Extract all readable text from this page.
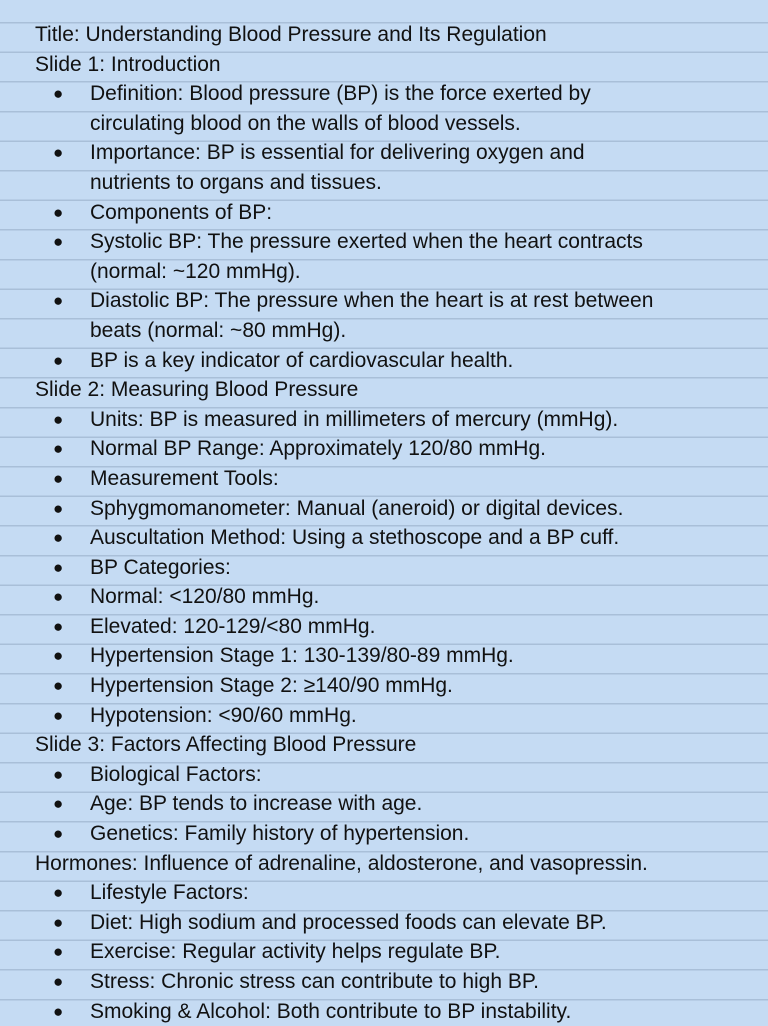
Title: Understanding Blood Pressure and Its Regulation
Slide 1: Introduction
● Definition: Blood pressure (BP) is the force exerted by
circulating blood on the walls of blood vessels.
● Importance: BP is essential for delivering oxygen and
nutrients to organs and tissues.
● Components of BP:
● Systolic BP: The pressure exerted when the heart contracts
(normal: ~120 mmHg).
● Diastolic BP: The pressure when the heart is at rest between
beats (normal: ~80 mmHg).
● BP is a key indicator of cardiovascular health.
Slide 2: Measuring Blood Pressure
● Units: BP is measured in millimeters of mercury (mmHg).
● Normal BP Range: Approximately 120/80 mmHg.
● Measurement Tools:
● Sphygmomanometer: Manual (aneroid) or digital devices.
● Auscultation Method: Using a stethoscope and a BP cuff.
● BP Categories:
● Normal: <120/80 mmHg.
● Elevated: 120-129/<80 mmHg.
● Hypertension Stage 1: 130-139/80-89 mmHg.
● Hypertension Stage 2: ≥140/90 mmHg.
● Hypotension: <90/60 mmHg.
Slide 3: Factors Affecting Blood Pressure
● Biological Factors:
● Age: BP tends to increase with age.
● Genetics: Family history of hypertension.
Hormones: Influence of adrenaline, aldosterone, and vasopressin.
● Lifestyle Factors:
● Diet: High sodium and processed foods can elevate BP.
● Exercise: Regular activity helps regulate BP.
● Stress: Chronic stress can contribute to high BP.
● Smoking & Alcohol: Both contribute to BP instability.
